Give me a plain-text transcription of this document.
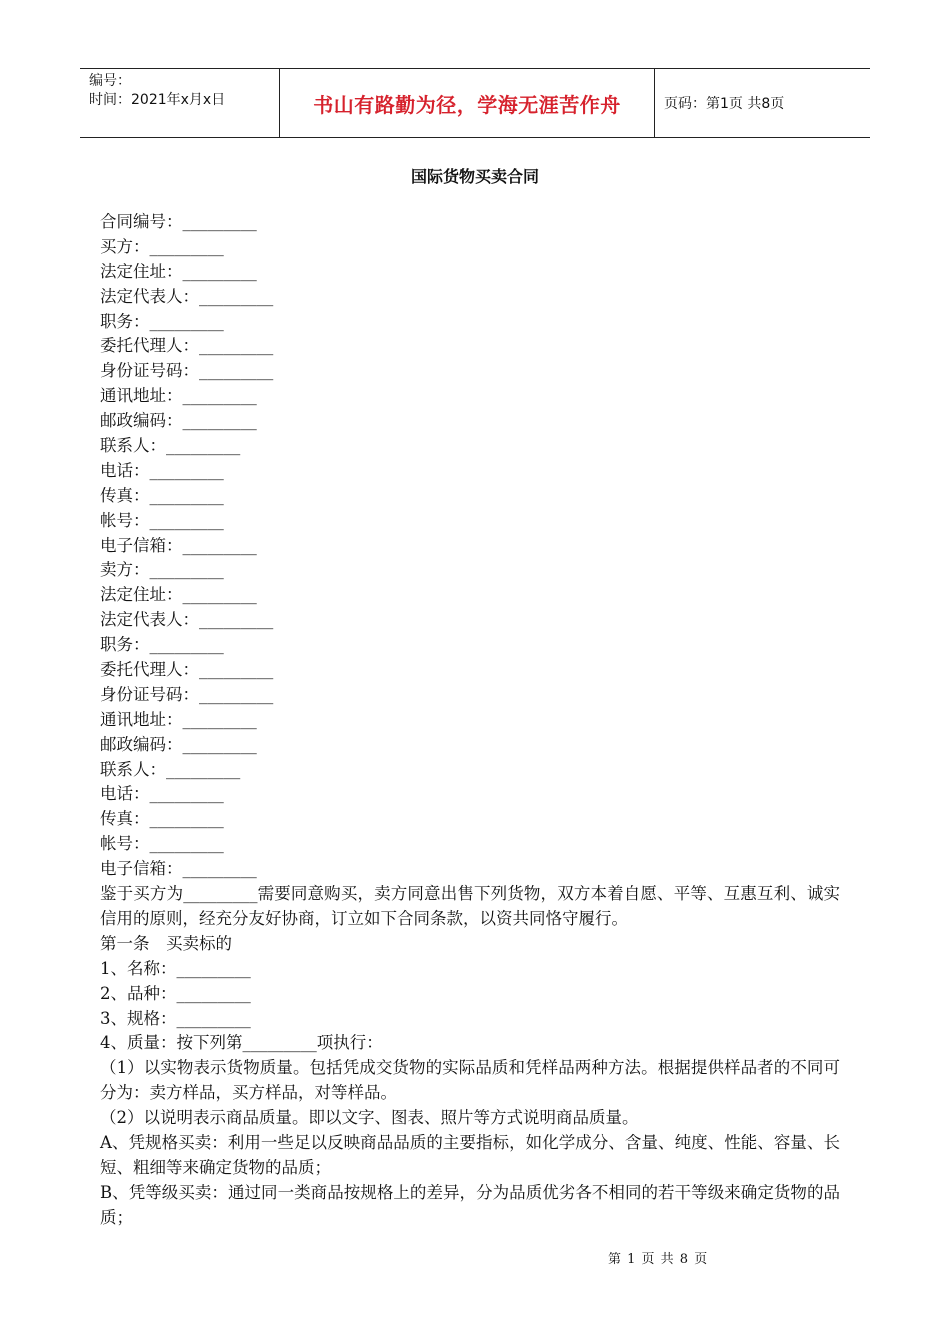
编号：
时间：2021年x月x日	书山有路勤为径，学海无涯苦作舟	页码：第1页 共8页
国际货物买卖合同
合同编号：_________
买方：_________
法定住址：_________
法定代表人：_________
职务：_________
委托代理人：_________
身份证号码：_________
通讯地址：_________
邮政编码：_________
联系人：_________
电话：_________
传真：_________
帐号：_________
电子信箱：_________
卖方：_________
法定住址：_________
法定代表人：_________
职务：_________
委托代理人：_________
身份证号码：_________
通讯地址：_________
邮政编码：_________
联系人：_________
电话：_________
传真：_________
帐号：_________
电子信箱：_________
鉴于买方为_________需要同意购买，卖方同意出售下列货物，双方本着自愿、平等、互惠互利、诚实信用的原则，经充分友好协商，订立如下合同条款，以资共同恪守履行。
第一条　买卖标的
1、名称：_________
2、品种：_________
3、规格：_________
4、质量：按下列第_________项执行：
（1）以实物表示货物质量。包括凭成交货物的实际品质和凭样品两种方法。根据提供样品者的不同可分为：卖方样品，买方样品，对等样品。
（2）以说明表示商品质量。即以文字、图表、照片等方式说明商品质量。
A、凭规格买卖：利用一些足以反映商品品质的主要指标，如化学成分、含量、纯度、性能、容量、长短、粗细等来确定货物的品质；
B、凭等级买卖：通过同一类商品按规格上的差异，分为品质优劣各不相同的若干等级来确定货物的品质；
第 1 页 共 8 页
